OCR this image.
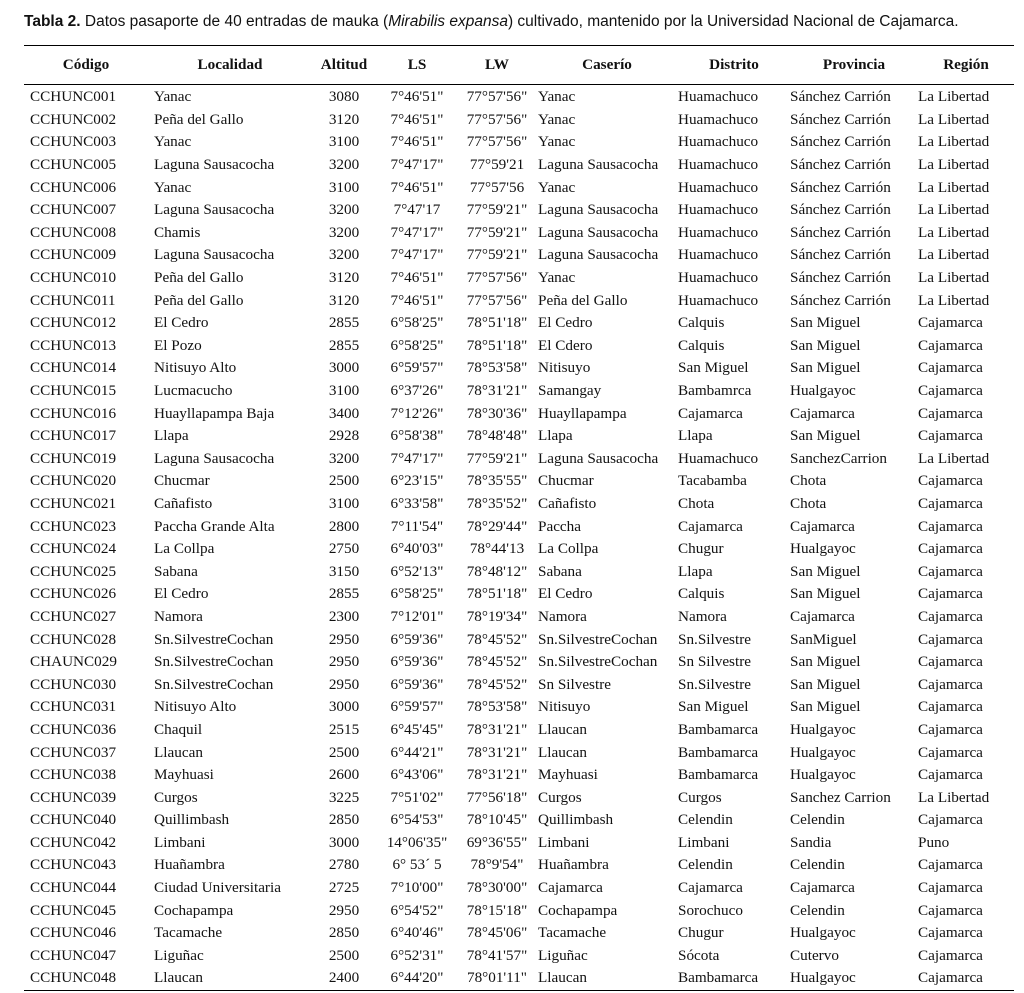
Tabla 2. Datos pasaporte de 40 entradas de mauka (Mirabilis expansa) cultivado, mantenido por la Universidad Nacional de Cajamarca.
Código	Localidad	Altitud	LS	LW	Caserío	Distrito	Provincia	Región
CCHUNC001	Yanac	3080	7°46'51"	77°57'56"	Yanac	Huamachuco	Sánchez Carrión	La Libertad
CCHUNC002	Peña del Gallo	3120	7°46'51"	77°57'56"	Yanac	Huamachuco	Sánchez Carrión	La Libertad
CCHUNC003	Yanac	3100	7°46'51"	77°57'56"	Yanac	Huamachuco	Sánchez Carrión	La Libertad
CCHUNC005	Laguna Sausacocha	3200	7°47'17"	77°59'21	Laguna Sausacocha	Huamachuco	Sánchez Carrión	La Libertad
CCHUNC006	Yanac	3100	7°46'51"	77°57'56	Yanac	Huamachuco	Sánchez Carrión	La Libertad
CCHUNC007	Laguna Sausacocha	3200	7°47'17	77°59'21"	Laguna Sausacocha	Huamachuco	Sánchez Carrión	La Libertad
CCHUNC008	Chamis	3200	7°47'17"	77°59'21"	Laguna Sausacocha	Huamachuco	Sánchez Carrión	La Libertad
CCHUNC009	Laguna Sausacocha	3200	7°47'17"	77°59'21"	Laguna Sausacocha	Huamachuco	Sánchez Carrión	La Libertad
CCHUNC010	Peña del Gallo	3120	7°46'51"	77°57'56"	Yanac	Huamachuco	Sánchez Carrión	La Libertad
CCHUNC011	Peña del Gallo	3120	7°46'51"	77°57'56"	Peña del Gallo	Huamachuco	Sánchez Carrión	La Libertad
CCHUNC012	El Cedro	2855	6°58'25"	78°51'18"	El Cedro	Calquis	San Miguel	Cajamarca
CCHUNC013	El Pozo	2855	6°58'25"	78°51'18"	El Cdero	Calquis	San Miguel	Cajamarca
CCHUNC014	Nitisuyo Alto	3000	6°59'57"	78°53'58"	Nitisuyo	San Miguel	San Miguel	Cajamarca
CCHUNC015	Lucmacucho	3100	6°37'26"	78°31'21"	Samangay	Bambamrca	Hualgayoc	Cajamarca
CCHUNC016	Huayllapampa Baja	3400	7°12'26"	78°30'36"	Huayllapampa	Cajamarca	Cajamarca	Cajamarca
CCHUNC017	Llapa	2928	6°58'38"	78°48'48"	Llapa	Llapa	San Miguel	Cajamarca
CCHUNC019	Laguna Sausacocha	3200	7°47'17"	77°59'21"	Laguna Sausacocha	Huamachuco	SanchezCarrion	La Libertad
CCHUNC020	Chucmar	2500	6°23'15"	78°35'55"	Chucmar	Tacabamba	Chota	Cajamarca
CCHUNC021	Cañafisto	3100	6°33'58"	78°35'52"	Cañafisto	Chota	Chota	Cajamarca
CCHUNC023	Paccha Grande Alta	2800	7°11'54"	78°29'44"	Paccha	Cajamarca	Cajamarca	Cajamarca
CCHUNC024	La Collpa	2750	6°40'03"	78°44'13	La Collpa	Chugur	Hualgayoc	Cajamarca
CCHUNC025	Sabana	3150	6°52'13"	78°48'12"	Sabana	Llapa	San Miguel	Cajamarca
CCHUNC026	El Cedro	2855	6°58'25"	78°51'18"	El Cedro	Calquis	San Miguel	Cajamarca
CCHUNC027	Namora	2300	7°12'01"	78°19'34"	Namora	Namora	Cajamarca	Cajamarca
CCHUNC028	Sn.SilvestreCochan	2950	6°59'36"	78°45'52"	Sn.SilvestreCochan	Sn.Silvestre	SanMiguel	Cajamarca
CHAUNC029	Sn.SilvestreCochan	2950	6°59'36"	78°45'52"	Sn.SilvestreCochan	Sn Silvestre	San Miguel	Cajamarca
CCHUNC030	Sn.SilvestreCochan	2950	6°59'36"	78°45'52"	Sn Silvestre	Sn.Silvestre	San Miguel	Cajamarca
CCHUNC031	Nitisuyo Alto	3000	6°59'57"	78°53'58"	Nitisuyo	San Miguel	San Miguel	Cajamarca
CCHUNC036	Chaquil	2515	6°45'45"	78°31'21"	Llaucan	Bambamarca	Hualgayoc	Cajamarca
CCHUNC037	Llaucan	2500	6°44'21"	78°31'21"	Llaucan	Bambamarca	Hualgayoc	Cajamarca
CCHUNC038	Mayhuasi	2600	6°43'06"	78°31'21"	Mayhuasi	Bambamarca	Hualgayoc	Cajamarca
CCHUNC039	Curgos	3225	7°51'02"	77°56'18"	Curgos	Curgos	Sanchez Carrion	La Libertad
CCHUNC040	Quillimbash	2850	6°54'53"	78°10'45"	Quillimbash	Celendin	Celendin	Cajamarca
CCHUNC042	Limbani	3000	14°06'35"	69°36'55"	Limbani	Limbani	Sandia	Puno
CCHUNC043	Huañambra	2780	6° 53´ 5	78°9'54"	Huañambra	Celendin	Celendin	Cajamarca
CCHUNC044	Ciudad Universitaria	2725	7°10'00"	78°30'00"	Cajamarca	Cajamarca	Cajamarca	Cajamarca
CCHUNC045	Cochapampa	2950	6°54'52"	78°15'18"	Cochapampa	Sorochuco	Celendin	Cajamarca
CCHUNC046	Tacamache	2850	6°40'46"	78°45'06"	Tacamache	Chugur	Hualgayoc	Cajamarca
CCHUNC047	Liguñac	2500	6°52'31"	78°41'57"	Liguñac	Sócota	Cutervo	Cajamarca
CCHUNC048	Llaucan	2400	6°44'20"	78°01'11"	Llaucan	Bambamarca	Hualgayoc	Cajamarca
